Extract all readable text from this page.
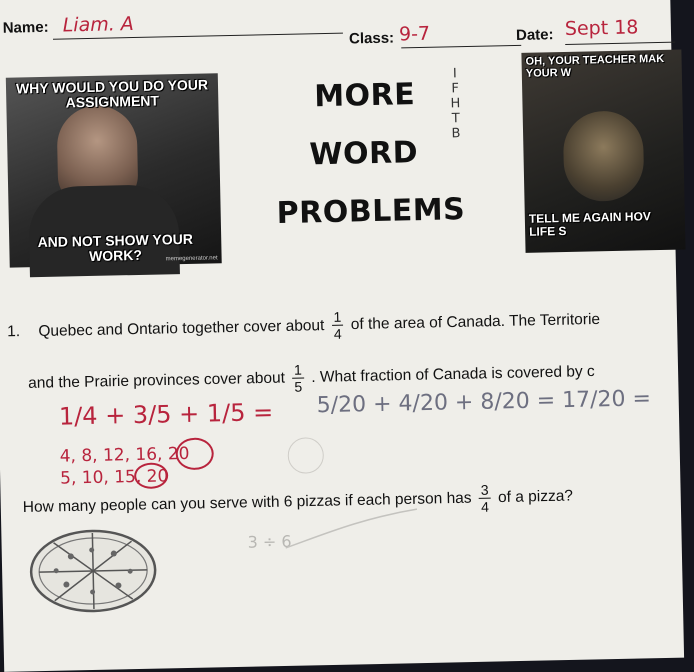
Name: Liam. A
Class: 9-7	Date: Sept 18
WHY WOULD YOU DO YOUR ASSIGNMENT
AND NOT SHOW YOUR WORK?	memegenerator.net
MORE
WORD
PROBLEMS
I
F
H
T
B
OH, YOUR TEACHER MAK YOUR W
TELL ME AGAIN HOV LIFE S
1. Quebec and Ontario together cover about $\frac{1}{4}$ of the area of Canada. The Territorie
and the Prairie provinces cover about $\frac{1}{5}$ . What fraction of Canada is covered by c
1/4 + 3/5 + 1/5 = 5/20 + 4/20 + 8/20 = 17/20 =
4, 8, 12, 16, 20
5, 10, 15, 20
How many people can you serve with 6 pizzas if each person has $\frac{3}{4}$ of a pizza?
3 ÷ 6
